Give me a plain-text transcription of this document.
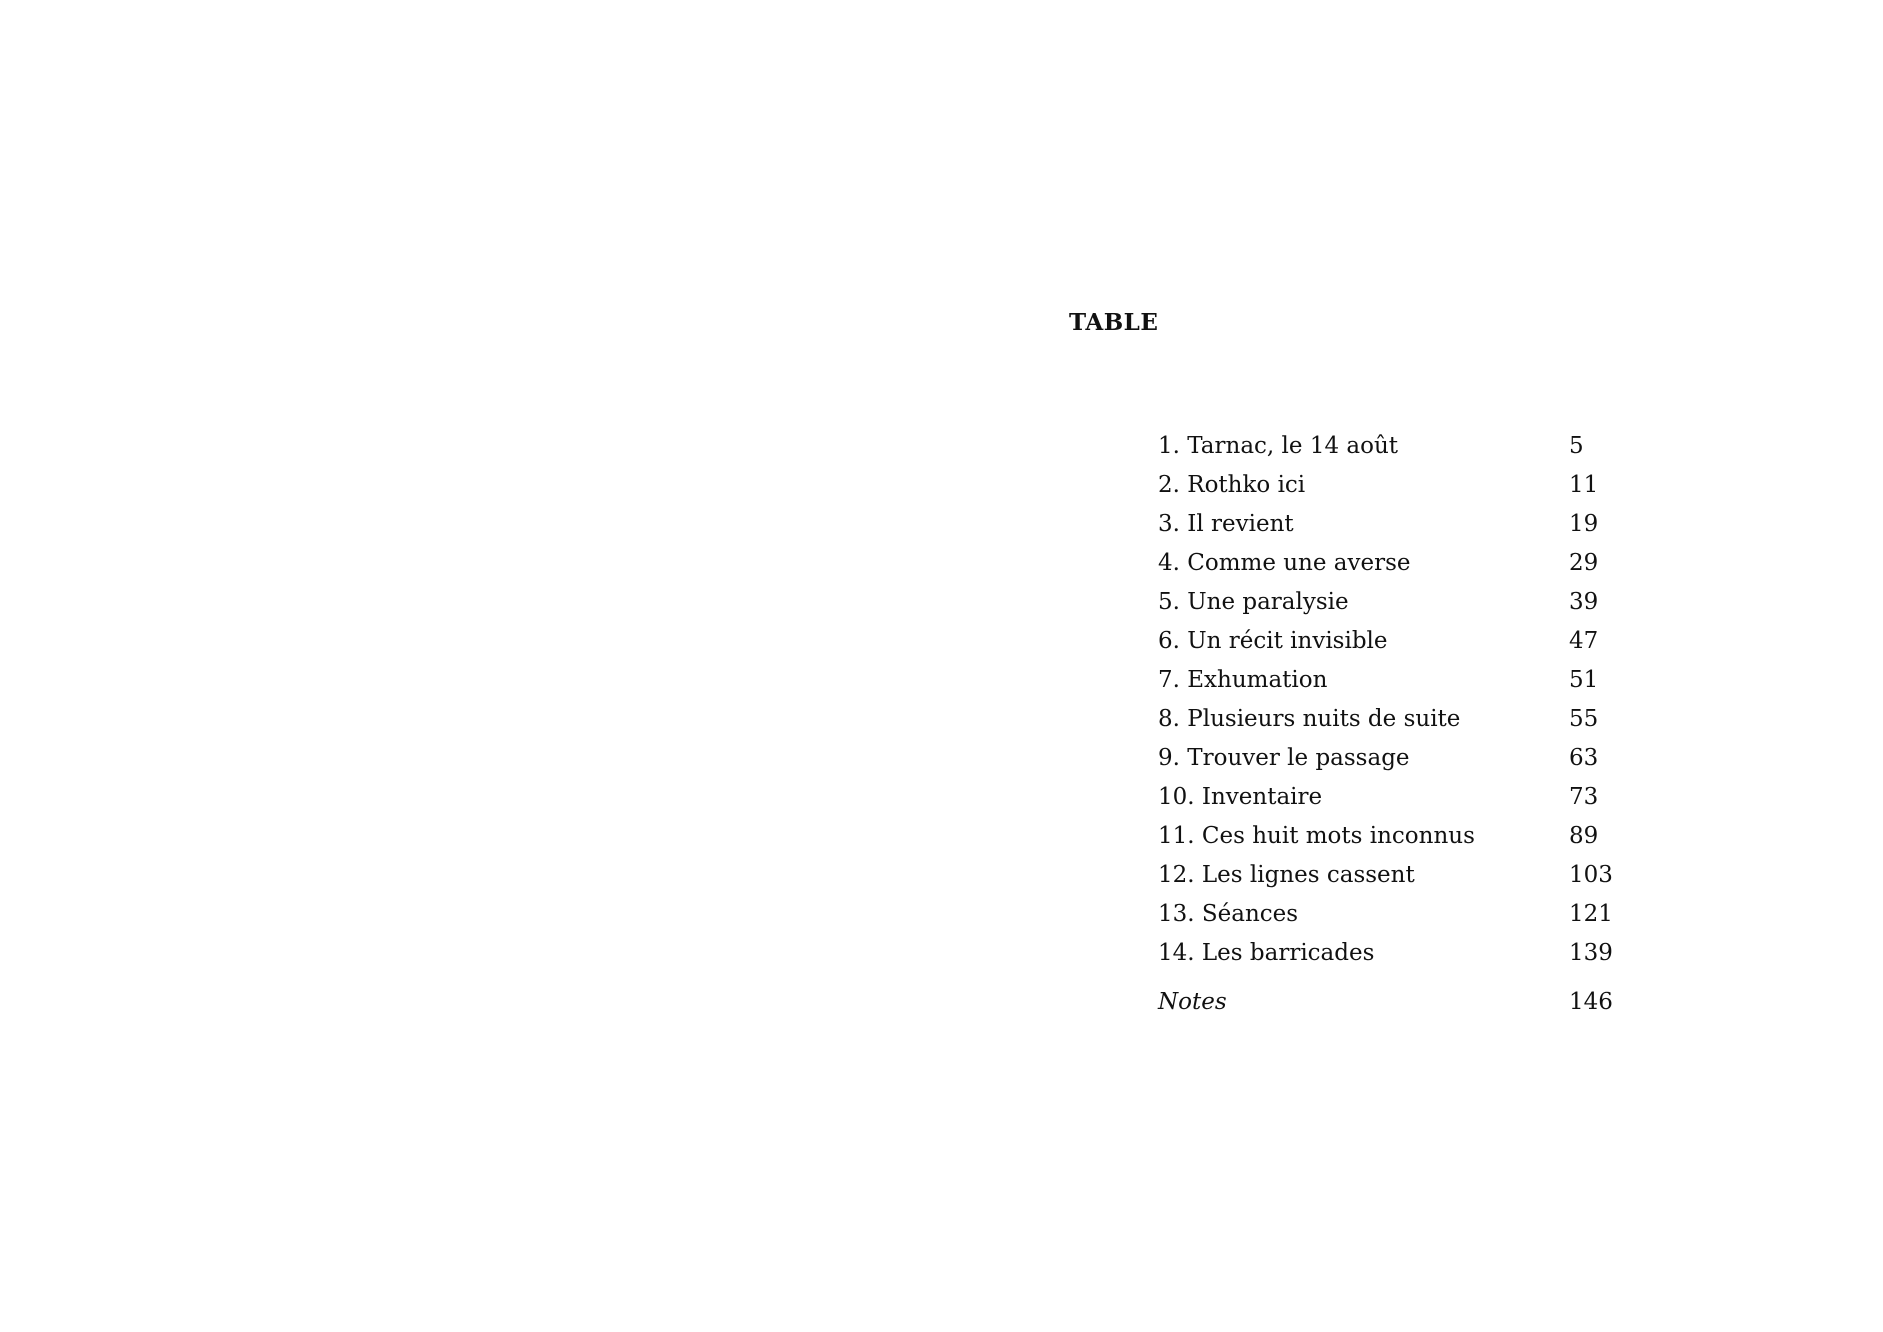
TABLE
1. Tarnac, le 14 août	5
2. Rothko ici	11
3. Il revient	19
4. Comme une averse	29
5. Une paralysie	39
6. Un récit invisible	47
7. Exhumation	51
8. Plusieurs nuits de suite	55
9. Trouver le passage	63
10. Inventaire	73
11. Ces huit mots inconnus	89
12. Les lignes cassent	103
13. Séances	121
14. Les barricades	139
Notes	146
